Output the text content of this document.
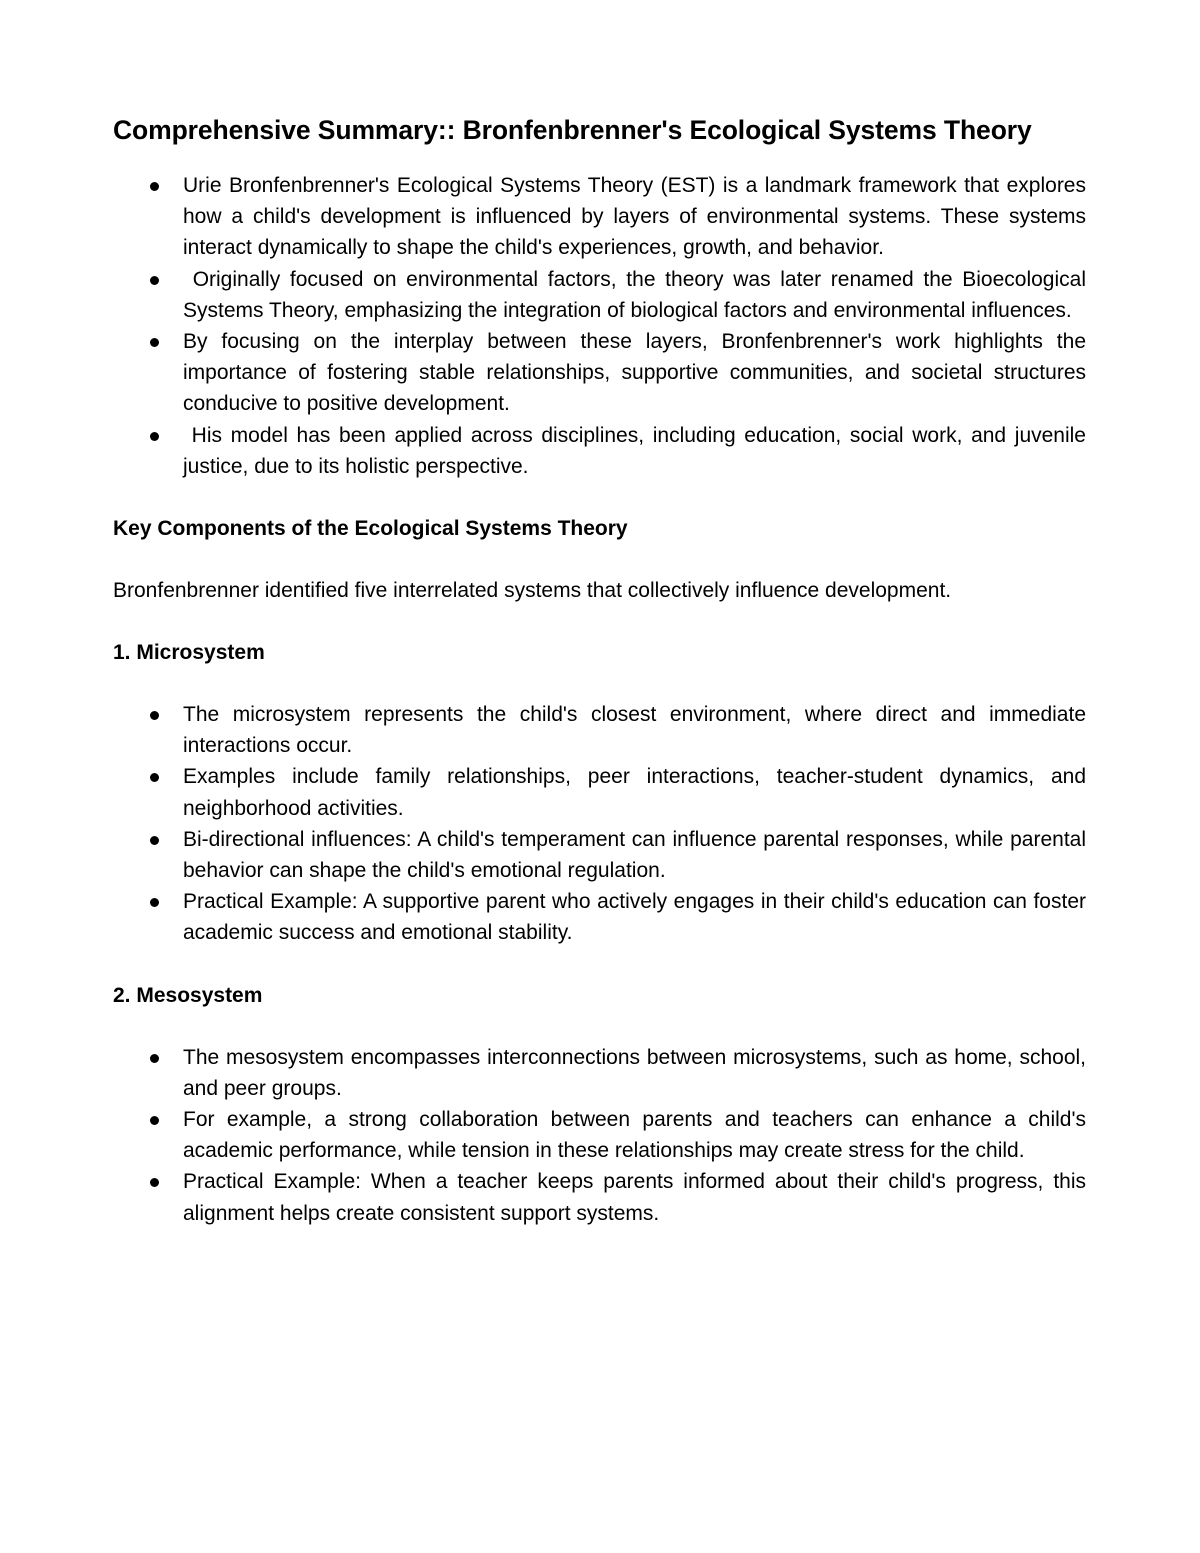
Comprehensive Summary:: Bronfenbrenner's Ecological Systems Theory
Urie Bronfenbrenner's Ecological Systems Theory (EST) is a landmark framework that explores how a child's development is influenced by layers of environmental systems. These systems interact dynamically to shape the child's experiences, growth, and behavior.
Originally focused on environmental factors, the theory was later renamed the Bioecological Systems Theory, emphasizing the integration of biological factors and environmental influences.
By focusing on the interplay between these layers, Bronfenbrenner's work highlights the importance of fostering stable relationships, supportive communities, and societal structures conducive to positive development.
His model has been applied across disciplines, including education, social work, and juvenile justice, due to its holistic perspective.
Key Components of the Ecological Systems Theory

Bronfenbrenner identified five interrelated systems that collectively influence development.

1. Microsystem
The microsystem represents the child's closest environment, where direct and immediate interactions occur.
Examples include family relationships, peer interactions, teacher-student dynamics, and neighborhood activities.
Bi-directional influences: A child's temperament can influence parental responses, while parental behavior can shape the child's emotional regulation.
Practical Example: A supportive parent who actively engages in their child's education can foster academic success and emotional stability.
2. Mesosystem
The mesosystem encompasses interconnections between microsystems, such as home, school, and peer groups.
For example, a strong collaboration between parents and teachers can enhance a child's academic performance, while tension in these relationships may create stress for the child.
Practical Example: When a teacher keeps parents informed about their child's progress, this alignment helps create consistent support systems.
